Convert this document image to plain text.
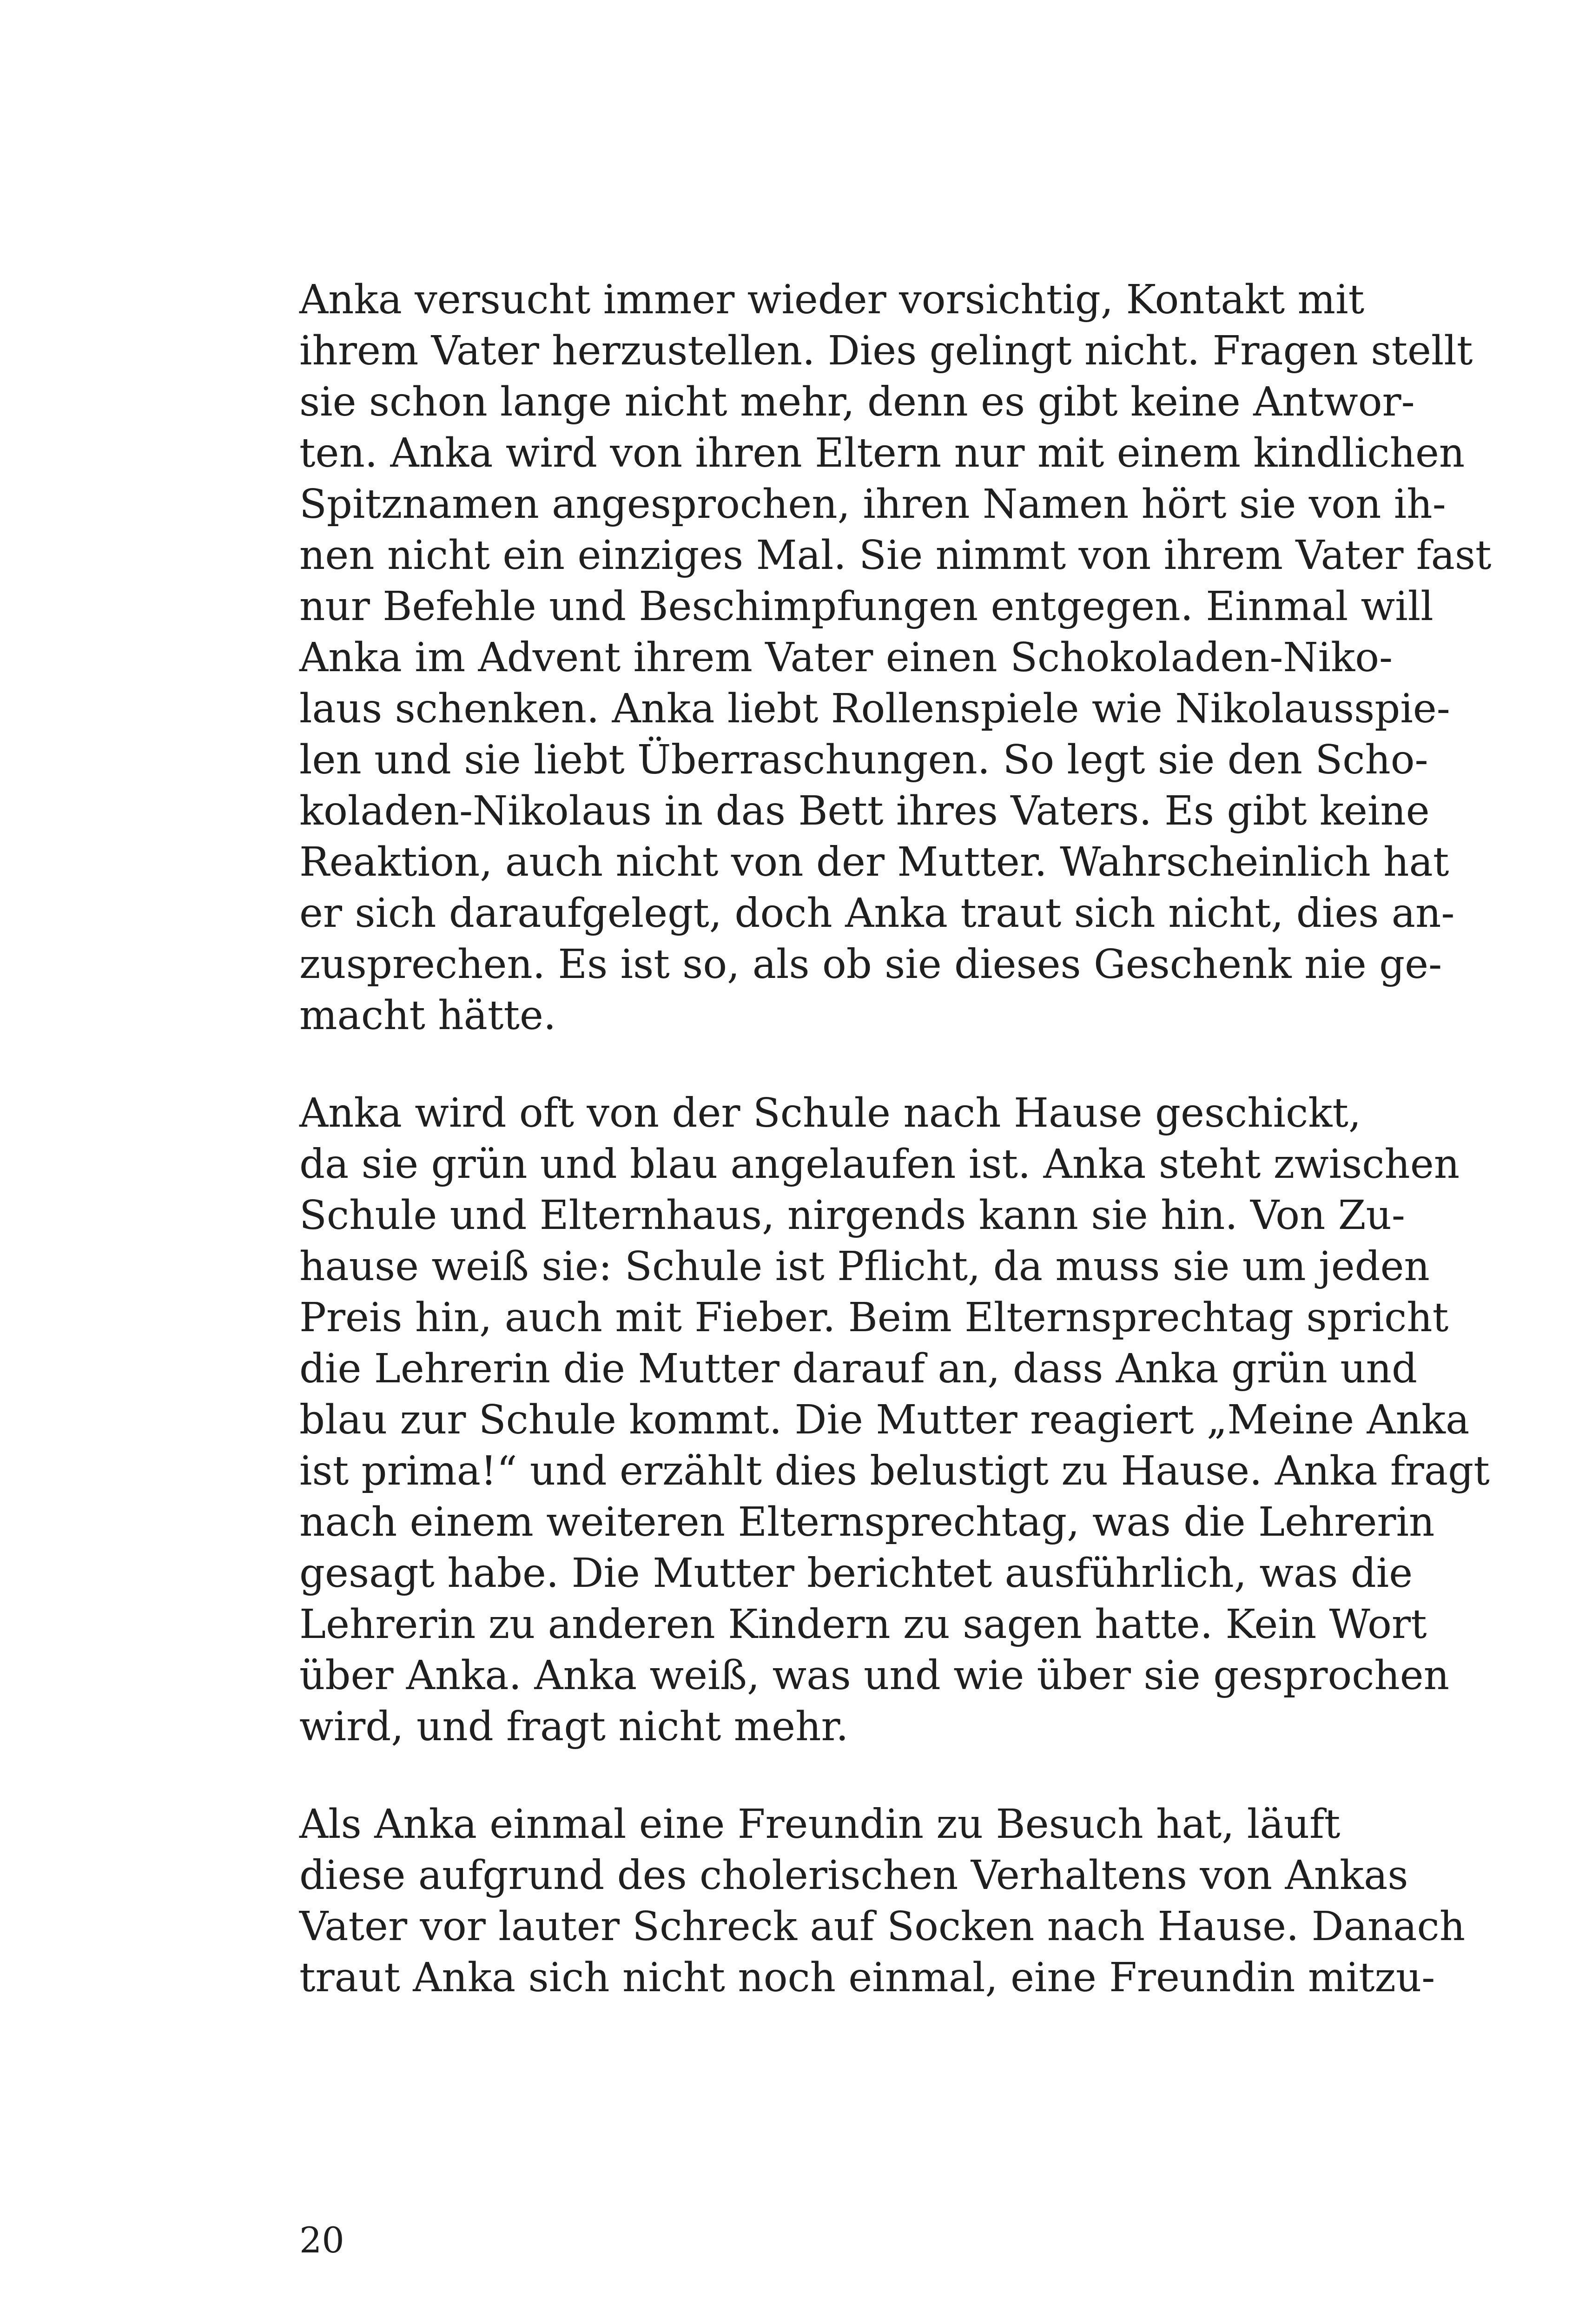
Anka versucht immer wieder vorsichtig, Kontakt mit
ihrem Vater herzustellen. Dies gelingt nicht. Fragen stellt
sie schon lange nicht mehr, denn es gibt keine Antwor-
ten. Anka wird von ihren Eltern nur mit einem kindlichen
Spitznamen angesprochen, ihren Namen hört sie von ih-
nen nicht ein einziges Mal. Sie nimmt von ihrem Vater fast
nur Befehle und Beschimpfungen entgegen. Einmal will
Anka im Advent ihrem Vater einen Schokoladen-Niko-
laus schenken. Anka liebt Rollenspiele wie Nikolausspie-
len und sie liebt Überraschungen. So legt sie den Scho-
koladen-Nikolaus in das Bett ihres Vaters. Es gibt keine
Reaktion, auch nicht von der Mutter. Wahrscheinlich hat
er sich daraufgelegt, doch Anka traut sich nicht, dies an-
zusprechen. Es ist so, als ob sie dieses Geschenk nie ge-
macht hätte.
Anka wird oft von der Schule nach Hause geschickt,
da sie grün und blau angelaufen ist. Anka steht zwischen
Schule und Elternhaus, nirgends kann sie hin. Von Zu-
hause weiß sie: Schule ist Pflicht, da muss sie um jeden
Preis hin, auch mit Fieber. Beim Elternsprechtag spricht
die Lehrerin die Mutter darauf an, dass Anka grün und
blau zur Schule kommt. Die Mutter reagiert „Meine Anka
ist prima!“ und erzählt dies belustigt zu Hause. Anka fragt
nach einem weiteren Elternsprechtag, was die Lehrerin
gesagt habe. Die Mutter berichtet ausführlich, was die
Lehrerin zu anderen Kindern zu sagen hatte. Kein Wort
über Anka. Anka weiß, was und wie über sie gesprochen
wird, und fragt nicht mehr.
Als Anka einmal eine Freundin zu Besuch hat, läuft
diese aufgrund des cholerischen Verhaltens von Ankas
Vater vor lauter Schreck auf Socken nach Hause. Danach
traut Anka sich nicht noch einmal, eine Freundin mitzu-
20
